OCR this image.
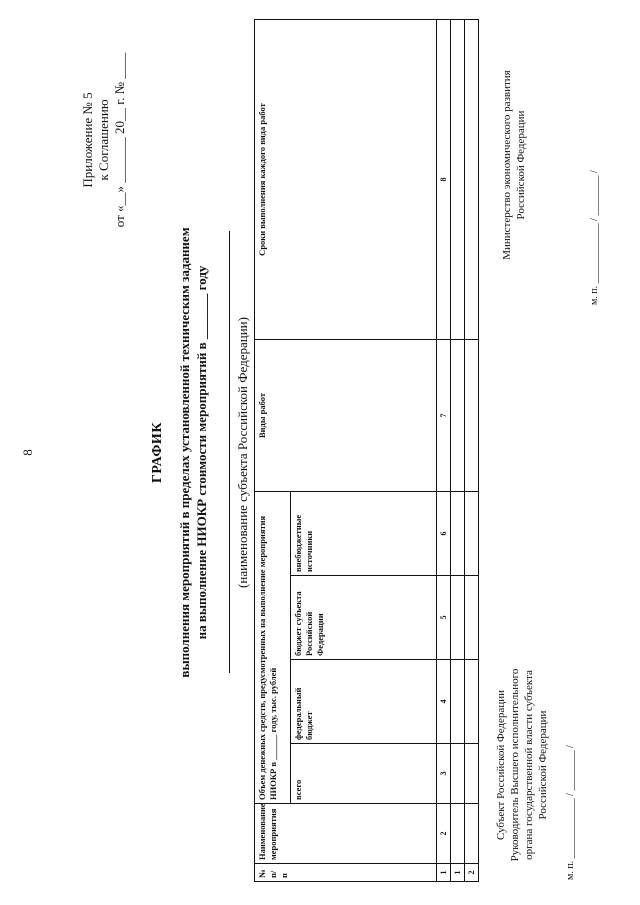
8
Приложение № 5 к Соглашению от «__» _______ 20__ г. № ____
ГРАФИК выполнения мероприятий в пределах установленной техническим заданием на выполнение НИОКР стоимости мероприятий в _______ году (наименование субъекта Российской Федерации)
№ п/п	Наименование мероприятия	Объем денежных средств, предусмотренных на выполнение мероприятия НИОКР в ______ году, тыс. рублей				Виды работ	Сроки выполнения каждого вида работ
		всего	федеральный бюджет	бюджет субъекта Российской Федерации	внебюджетные источники		
1	2	3	4	5	6	7	8
1							
2							
Субъект Российской Федерации Руководитель Высшего исполнительного органа государственной власти субъекта Российской Федерации м. п. ____________ / ________ /
Министерство экономического развития Российской Федерации
м. п. ____________ / ________ /
